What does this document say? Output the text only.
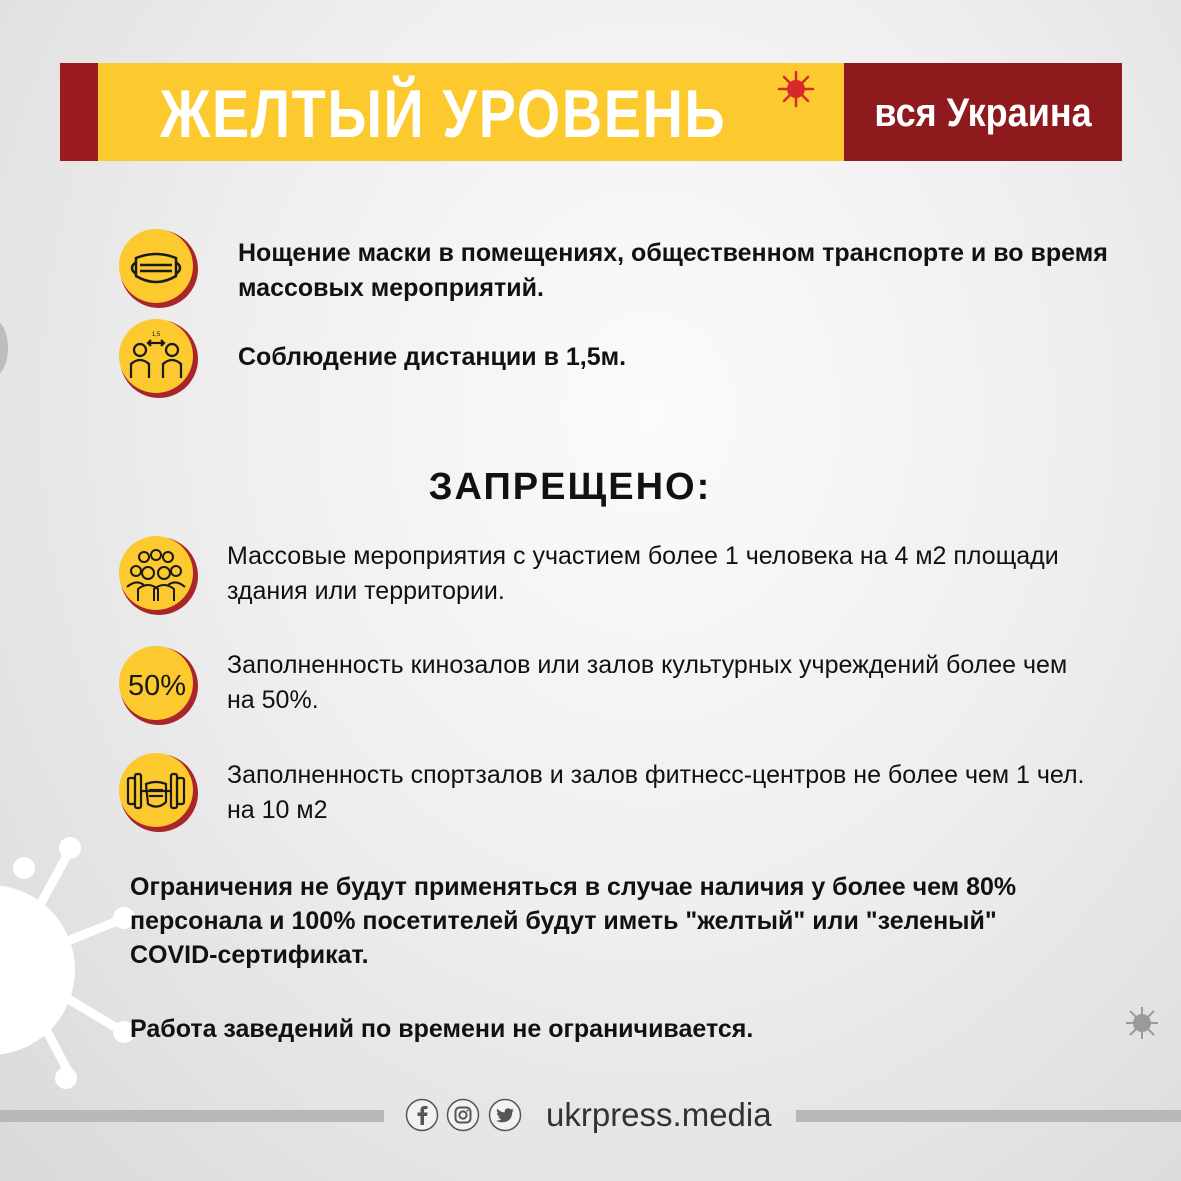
ЖЕЛТЫЙ УРОВЕНЬ	вся Украина
Нощение маски в помещениях, общественном транспорте и во время массовых мероприятий.
1,5
Соблюдение дистанции в 1,5м.
ЗАПРЕЩЕНО:
Массовые мероприятия с участием более 1 человека на 4 м2 площади здания или территории.
50%
Заполненность кинозалов или залов культурных учреждений более чем на 50%.
Заполненность спортзалов и залов фитнесс-центров не более чем 1 чел. на 10 м2
Ограничения не будут применяться в случае наличия у более чем 80% персонала и 100% посетителей будут иметь "желтый" или "зеленый" COVID-сертификат.
Работа заведений по времени не ограничивается.
ukrpress.media
